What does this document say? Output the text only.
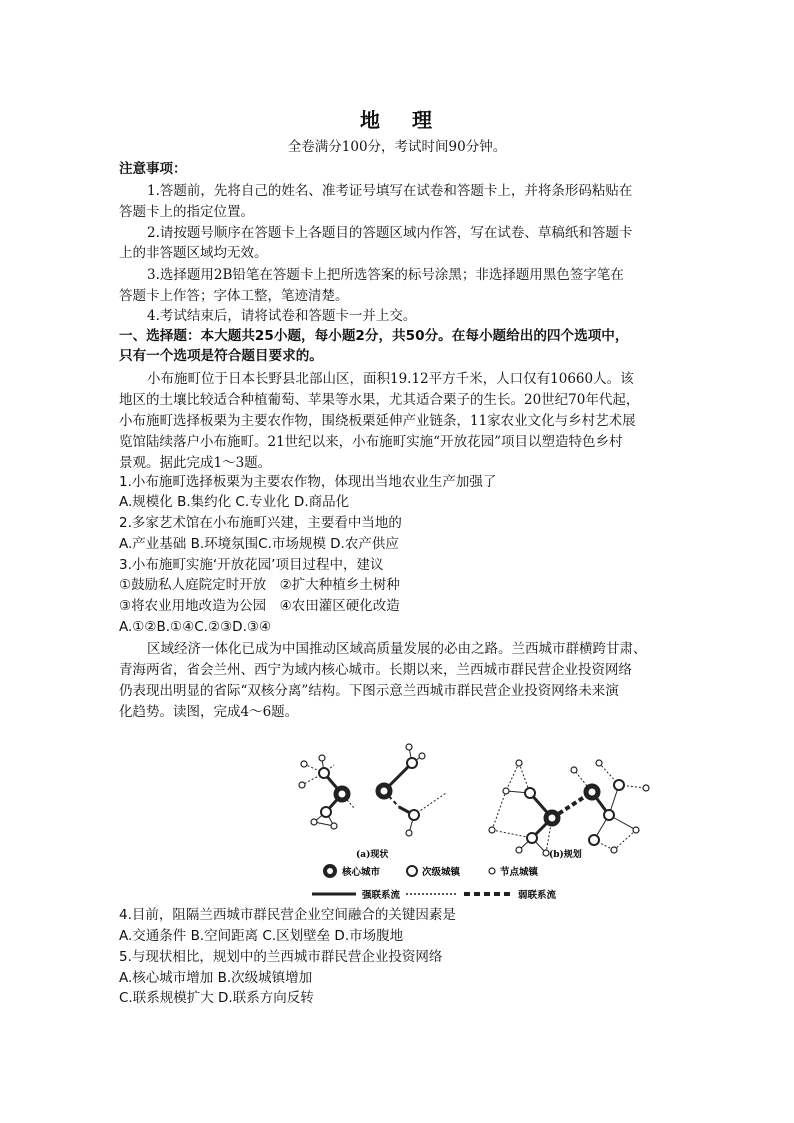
地 理
全卷满分100分，考试时间90分钟。
注意事项：
1.答题前，先将自己的姓名、准考证号填写在试卷和答题卡上，并将条形码粘贴在
答题卡上的指定位置。
2.请按题号顺序在答题卡上各题目的答题区域内作答，写在试卷、草稿纸和答题卡
上的非答题区域均无效。
3.选择题用2B铅笔在答题卡上把所选答案的标号涂黑；非选择题用黑色签字笔在
答题卡上作答；字体工整，笔迹清楚。
4.考试结束后，请将试卷和答题卡一并上交。
一、选择题：本大题共25小题，每小题2分，共50分。在每小题给出的四个选项中，
只有一个选项是符合题目要求的。
小布施町位于日本长野县北部山区，面积19.12平方千米，人口仅有10660人。该
地区的土壤比较适合种植葡萄、苹果等水果，尤其适合栗子的生长。20世纪70年代起，
小布施町选择板栗为主要农作物，围绕板栗延伸产业链条，11家农业文化与乡村艺术展
览馆陆续落户小布施町。21世纪以来，小布施町实施“开放花园”项目以塑造特色乡村
景观。据此完成1～3题。
1.小布施町选择板栗为主要农作物，体现出当地农业生产加强了
A.规模化 B.集约化 C.专业化 D.商品化
2.多家艺术馆在小布施町兴建，主要看中当地的
A.产业基础 B.环境氛围C.市场规模 D.农产供应
3.小布施町实施‘开放花园’项目过程中，建议
①鼓励私人庭院定时开放　②扩大种植乡土树种
③将农业用地改造为公园　④农田灌区硬化改造
A.①②B.①④C.②③D.③④
区域经济一体化已成为中国推动区域高质量发展的必由之路。兰西城市群横跨甘肃、
青海两省，省会兰州、西宁为域内核心城市。长期以来，兰西城市群民营企业投资网络
仍表现出明显的省际“双核分离”结构。下图示意兰西城市群民营企业投资网络未来演
化趋势。读图，完成4～6题。
(a)现状	(b)规划
核心城市	次级城镇	节点城镇
强联系流	弱联系流
4.目前，阻隔兰西城市群民营企业空间融合的关键因素是
A.交通条件 B.空间距离 C.区划壁垒 D.市场腹地
5.与现状相比，规划中的兰西城市群民营企业投资网络
A.核心城市增加 B.次级城镇增加
C.联系规模扩大 D.联系方向反转
